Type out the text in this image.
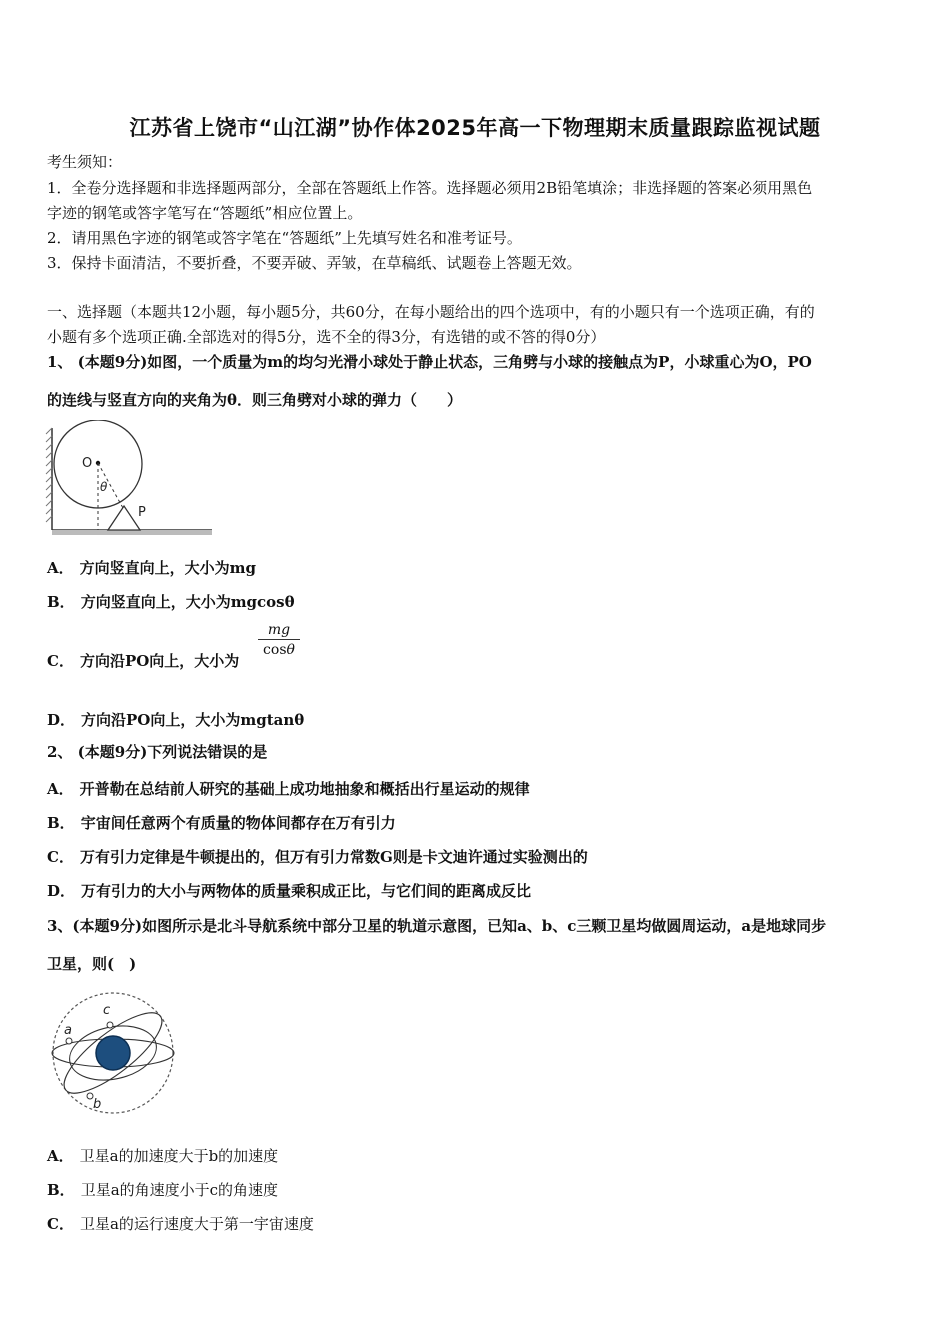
江苏省上饶市“山江湖”协作体2025年高一下物理期末质量跟踪监视试题
考生须知：
1．全卷分选择题和非选择题两部分，全部在答题纸上作答。选择题必须用2B铅笔填涂；非选择题的答案必须用黑色
字迹的钢笔或答字笔写在“答题纸”相应位置上。
2．请用黑色字迹的钢笔或答字笔在“答题纸”上先填写姓名和准考证号。
3．保持卡面清洁，不要折叠，不要弄破、弄皱，在草稿纸、试题卷上答题无效。
一、选择题（本题共12小题，每小题5分，共60分，在每小题给出的四个选项中，有的小题只有一个选项正确，有的
小题有多个选项正确.全部选对的得5分，选不全的得3分，有选错的或不答的得0分）
1、 (本题9分)如图，一个质量为m的均匀光滑小球处于静止状态，三角劈与小球的接触点为P，小球重心为O，PO
的连线与竖直方向的夹角为θ．则三角劈对小球的弹力（　　）
O
θ
P
A． 方向竖直向上，大小为mg
B． 方向竖直向上，大小为mgcosθ
C． 方向沿PO向上，大小为
$\frac{mg}{\cos\theta}$
D． 方向沿PO向上，大小为mgtanθ
2、 (本题9分)下列说法错误的是
A． 开普勒在总结前人研究的基础上成功地抽象和概括出行星运动的规律
B． 宇宙间任意两个有质量的物体间都存在万有引力
C． 万有引力定律是牛顿提出的，但万有引力常数G则是卡文迪许通过实验测出的
D． 万有引力的大小与两物体的质量乘积成正比，与它们间的距离成反比
3、(本题9分)如图所示是北斗导航系统中部分卫星的轨道示意图，已知a、b、c三颗卫星均做圆周运动，a是地球同步
卫星，则(　)
a
b
c
A． 卫星a的加速度大于b的加速度
B． 卫星a的角速度小于c的角速度
C． 卫星a的运行速度大于第一宇宙速度
